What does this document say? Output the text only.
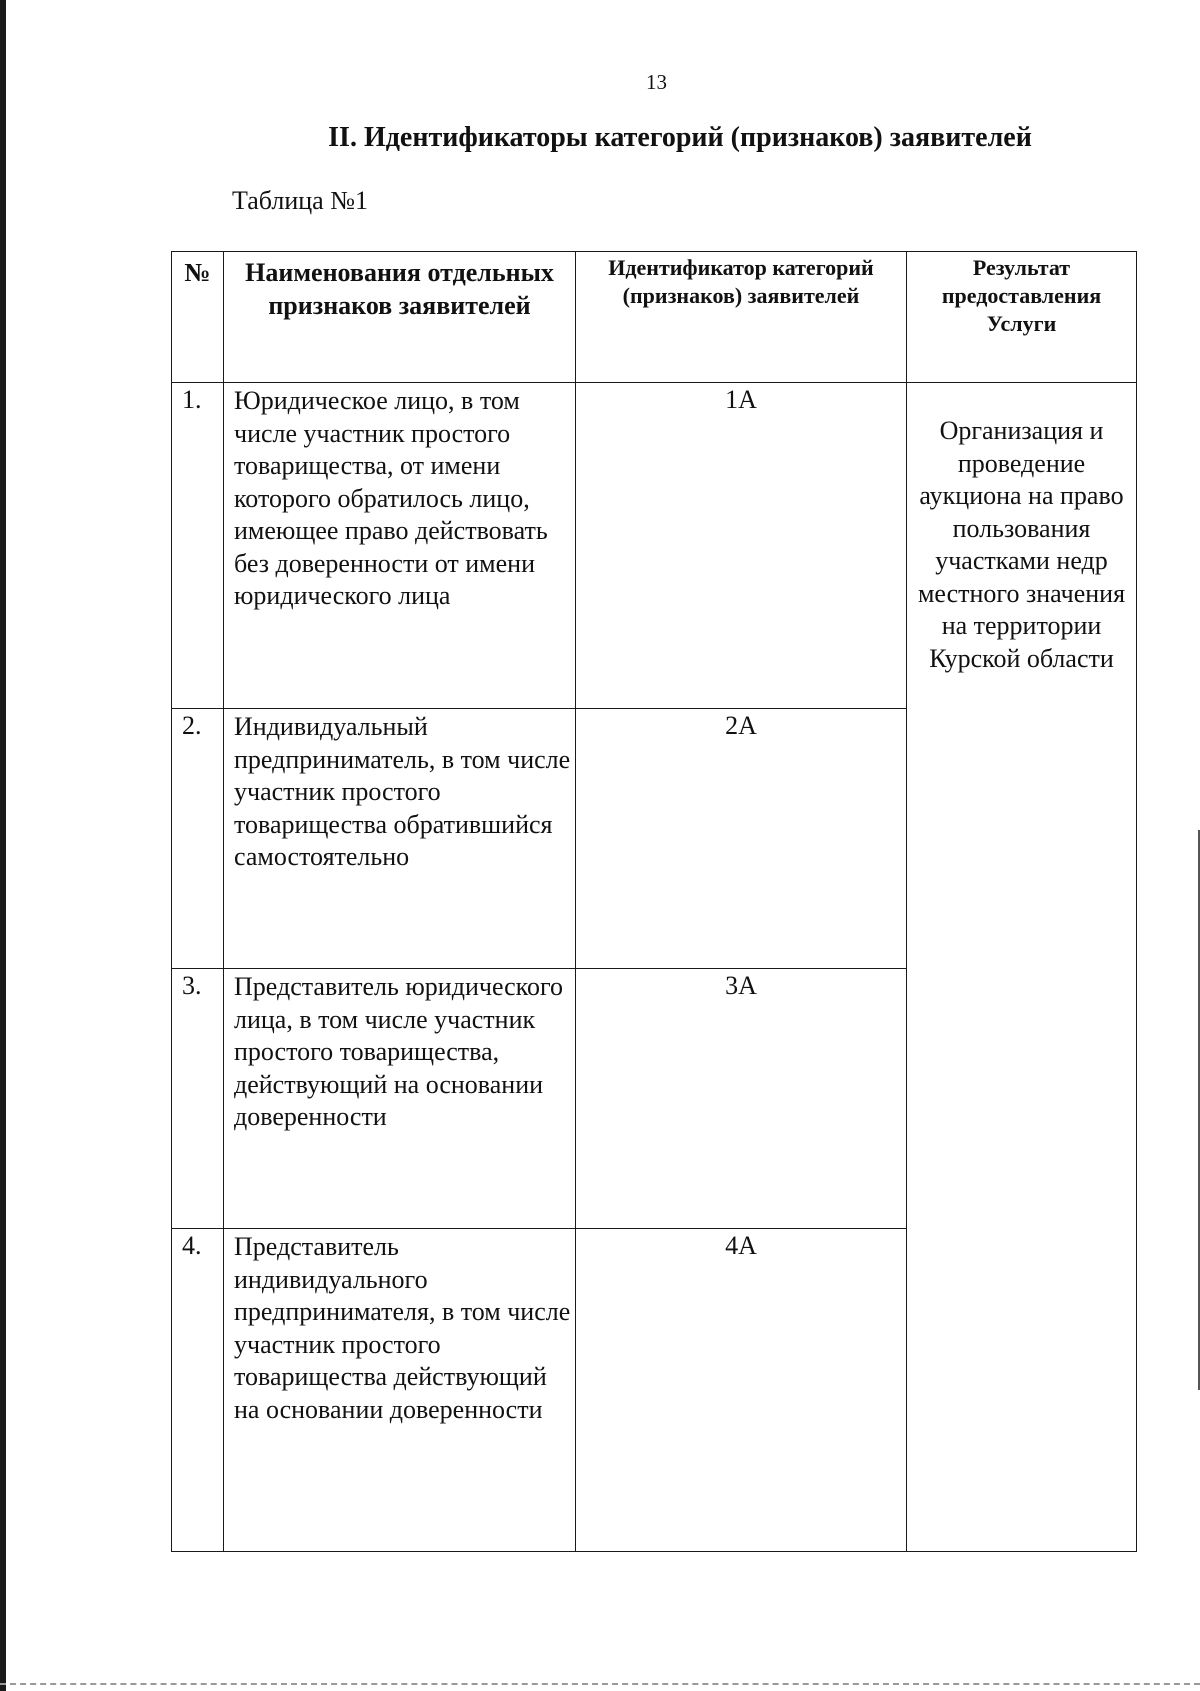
13
II. Идентификаторы категорий (признаков) заявителей
Таблица №1
№	Наименования отдельных признаков заявителей	Идентификатор категорий (признаков) заявителей	Результат предоставления Услуги
1.	Юридическое лицо, в том числе участник простого товарищества, от имени которого обратилось лицо, имеющее право действовать без доверенности от имени юридического лица	1А	Организация и проведение аукциона на право пользования участками недр местного значения на территории Курской области

2.	Индивидуальный предприниматель, в том числе участник простого товарищества обратившийся самостоятельно	2А	
3.	Представитель юридического лица, в том числе участник простого товарищества, действующий на основании доверенности	3А	
4.	Представитель индивидуального предпринимателя, в том числе участник простого товарищества действующий на основании доверенности	4А	
